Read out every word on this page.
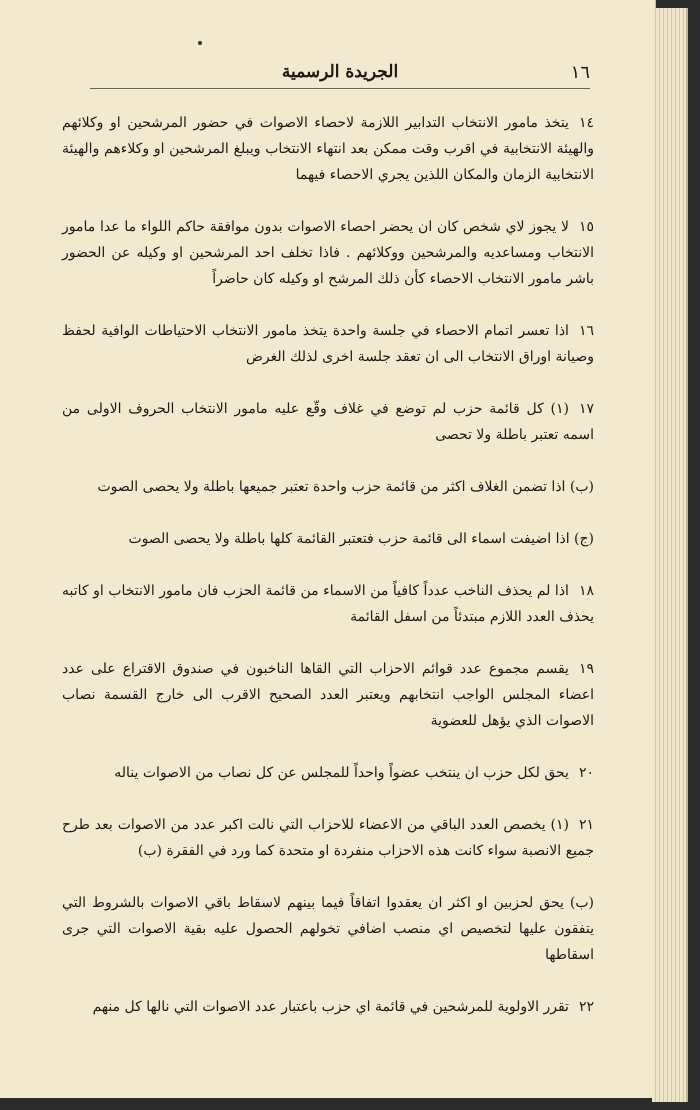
١٦
الجريدة الرسمية

١٤يتخذ مامور الانتخاب التدابير اللازمة لاحصاء الاصوات في حضور المرشحين او وكلائهم والهيئة الانتخابية في اقرب وقت ممكن بعد انتهاء الانتخاب ويبلغ المرشحين او وكلاءهم والهيئة الانتخابية الزمان والمكان اللذين يجري الاحصاء فيهما

١٥لا يجوز لاي شخص كان ان يحضر احصاء الاصوات بدون موافقة حاكم اللواء ما عدا مامور الانتخاب ومساعديه والمرشحين ووكلائهم . فاذا تخلف احد المرشحين او وكيله عن الحضور باشر مامور الانتخاب الاحصاء كأن ذلك المرشح او وكيله كان حاضراً

١٦اذا تعسر اتمام الاحصاء في جلسة واحدة يتخذ مامور الانتخاب الاحتياطات الوافية لحفظ وصيانة اوراق الانتخاب الى ان تعقد جلسة اخرى لذلك الغرض

١٧(١) كل قائمة حزب لم توضع في غلاف وقّع عليه مامور الانتخاب الحروف الاولى من اسمه تعتبر باطلة ولا تحصى

(ب) اذا تضمن الغلاف اكثر من قائمة حزب واحدة تعتبر جميعها باطلة ولا يحصى الصوت

(ج) اذا اضيفت اسماء الى قائمة حزب فتعتبر القائمة كلها باطلة ولا يحصى الصوت

١٨اذا لم يحذف الناخب عدداً كافياً من الاسماء من قائمة الحزب فان مامور الانتخاب او كاتبه يحذف العدد اللازم مبتدئاً من اسفل القائمة

١٩يقسم مجموع عدد قوائم الاحزاب التي القاها الناخبون في صندوق الاقتراع على عدد اعضاء المجلس الواجب انتخابهم ويعتبر العدد الصحيح الاقرب الى خارج القسمة نصاب الاصوات الذي يؤهل للعضوية

٢٠يحق لكل حزب ان ينتخب عضواً واحداً للمجلس عن كل نصاب من الاصوات يناله

٢١(١) يخصص العدد الباقي من الاعضاء للاحزاب التي نالت اكبر عدد من الاصوات بعد طرح جميع الانصبة سواء كانت هذه الاحزاب منفردة او متحدة كما ورد في الفقرة (ب)

(ب) يحق لحزبين او اكثر ان يعقدوا اتفاقاً فيما بينهم لاسقاط باقي الاصوات بالشروط التي يتفقون عليها لتخصيص اي منصب اضافي تخولهم الحصول عليه بقية الاصوات التي جرى اسقاطها

٢٢تقرر الاولوية للمرشحين في قائمة اي حزب باعتبار عدد الاصوات التي نالها كل منهم
